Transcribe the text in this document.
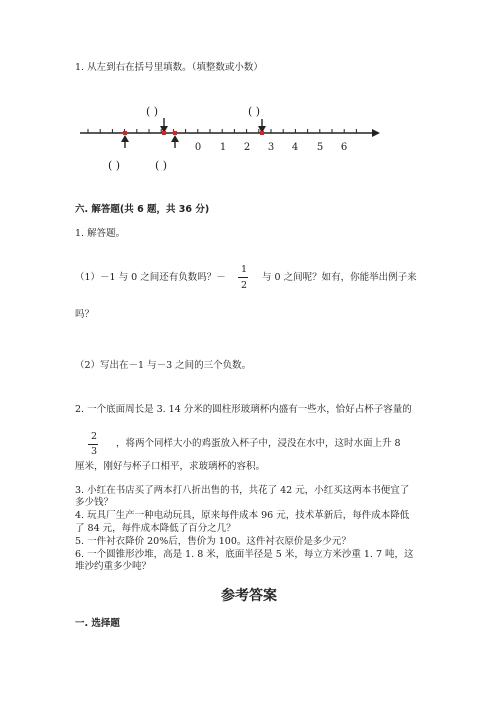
1. 从左到右在括号里填数。（填整数或小数）
( )	( )
( )	( )
0 1 2 3 4 5 6
六. 解答题(共 6 题，共 36 分)
1. 解答题。
（1）－1 与 0 之间还有负数吗？－
1
2
与 0 之间呢？如有，你能举出例子来
吗？
（2）写出在－1 与－3 之间的三个负数。
2. 一个底面周长是 3. 14 分米的圆柱形玻璃杯内盛有一些水，恰好占杯子容量的
2
3
，将两个同样大小的鸡蛋放入杯子中，浸没在水中，这时水面上升 8
厘米，刚好与杯子口相平，求玻璃杯的容积。
3. 小红在书店买了两本打八折出售的书，共花了 42 元，小红买这两本书便宜了
多少钱？
4. 玩具厂生产一种电动玩具，原来每件成本 96 元，技术革新后，每件成本降低
了 84 元，每件成本降低了百分之几？
5. 一件衬衣降价 20%后，售价为 100。这件衬衣原价是多少元？
6. 一个圆锥形沙堆，高是 1. 8 米，底面半径是 5 米，每立方米沙重 1. 7 吨，这
堆沙约重多少吨？
参考答案
一. 选择题
